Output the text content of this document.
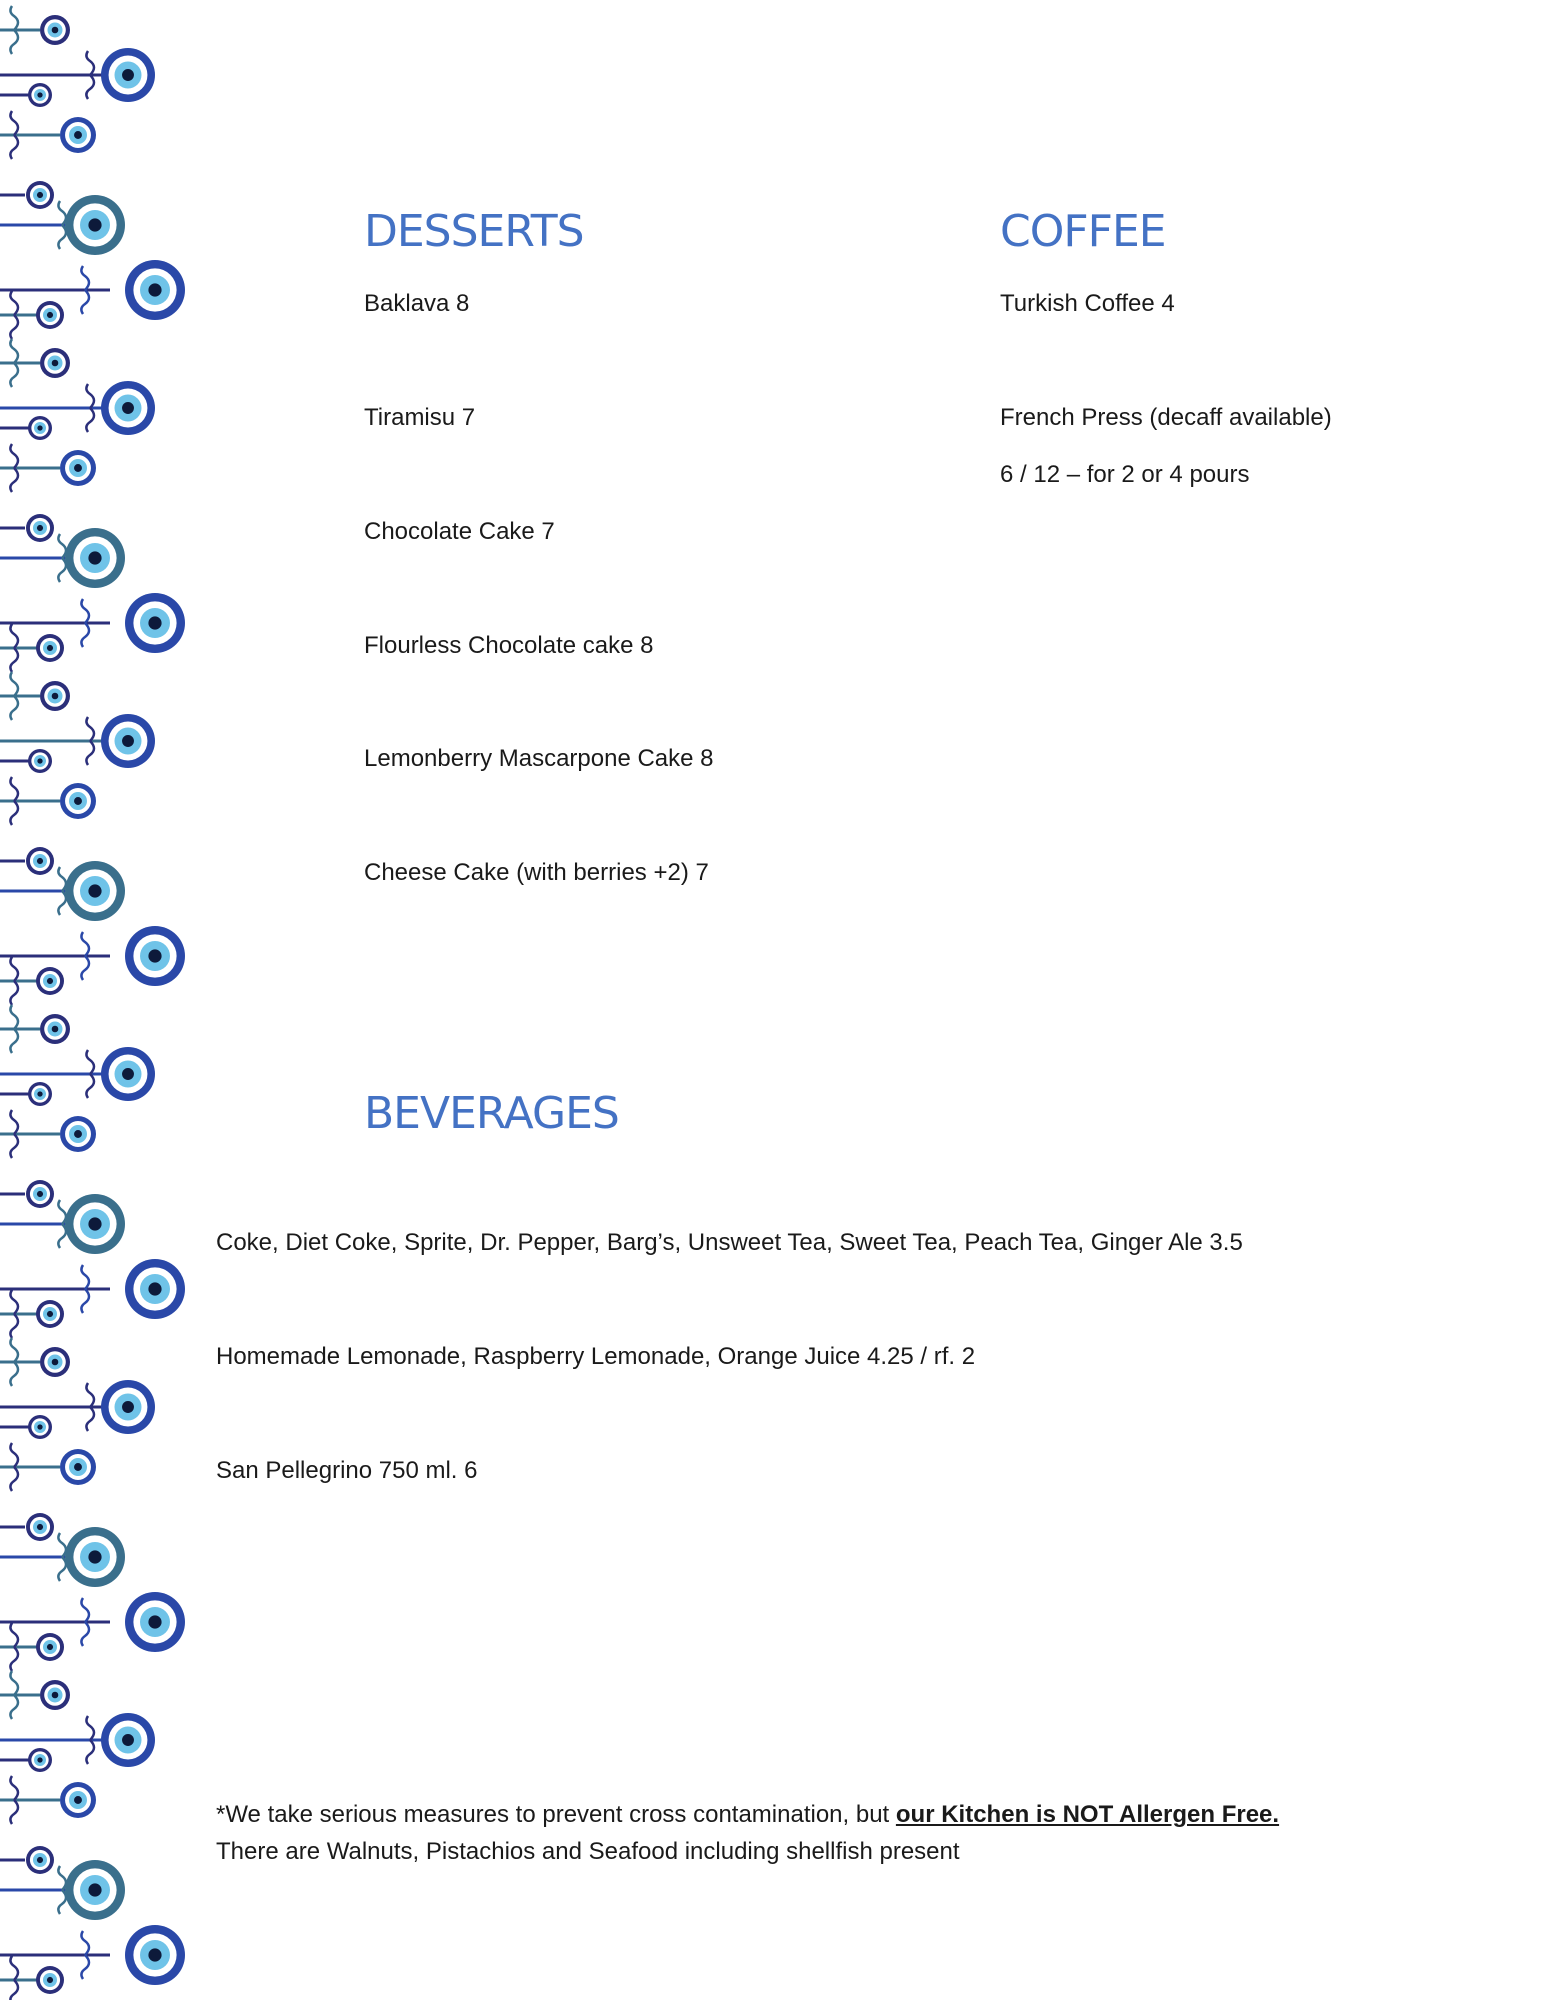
DESSERTS

Baklava 8

Tiramisu 7

Chocolate Cake 7

Flourless Chocolate cake 8

Lemonberry Mascarpone Cake 8

Cheese Cake (with berries +2) 7

COFFEE

Turkish Coffee 4

French Press (decaff available)

6 / 12 – for 2 or 4 pours

BEVERAGES

Coke, Diet Coke, Sprite, Dr. Pepper, Barg’s, Unsweet Tea, Sweet Tea, Peach Tea, Ginger Ale 3.5

Homemade Lemonade, Raspberry Lemonade, Orange Juice 4.25 / rf. 2

San Pellegrino 750 ml. 6

*We take serious measures to prevent cross contamination, but our Kitchen is NOT Allergen Free.
There are Walnuts, Pistachios and Seafood including shellfish present
